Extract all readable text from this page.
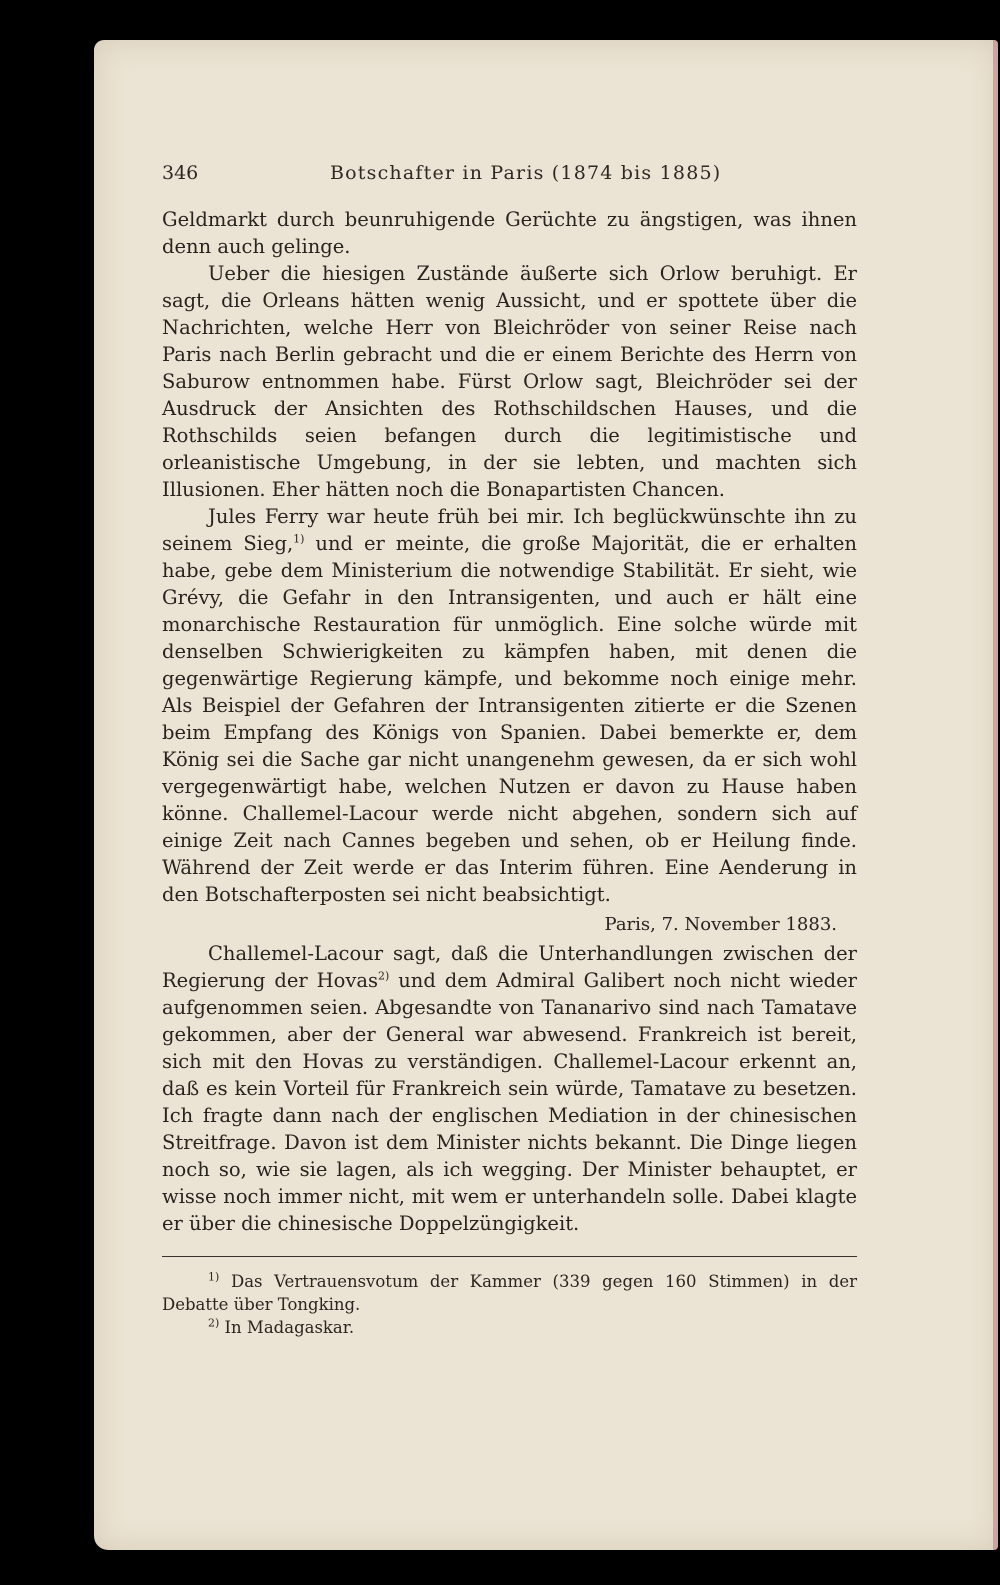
346	Botschafter in Paris (1874 bis 1885)

Geldmarkt durch beunruhigende Gerüchte zu ängstigen, was ihnen denn auch gelinge.

Ueber die hiesigen Zustände äußerte sich Orlow beruhigt. Er sagt, die Orleans hätten wenig Aussicht, und er spottete über die Nachrichten, welche Herr von Bleichröder von seiner Reise nach Paris nach Berlin gebracht und die er einem Berichte des Herrn von Saburow entnommen habe. Fürst Orlow sagt, Bleichröder sei der Ausdruck der Ansichten des Rothschildschen Hauses, und die Rothschilds seien befangen durch die legitimistische und orleanistische Umgebung, in der sie lebten, und machten sich Illusionen. Eher hätten noch die Bonapartisten Chancen.

Jules Ferry war heute früh bei mir. Ich beglückwünschte ihn zu seinem Sieg,$^{1)}$ und er meinte, die große Majorität, die er erhalten habe, gebe dem Ministerium die notwendige Stabilität. Er sieht, wie Grévy, die Gefahr in den Intransigenten, und auch er hält eine monarchische Restauration für unmöglich. Eine solche würde mit denselben Schwierigkeiten zu kämpfen haben, mit denen die gegenwärtige Regierung kämpfe, und bekomme noch einige mehr. Als Beispiel der Gefahren der Intransigenten zitierte er die Szenen beim Empfang des Königs von Spanien. Dabei bemerkte er, dem König sei die Sache gar nicht unangenehm gewesen, da er sich wohl vergegenwärtigt habe, welchen Nutzen er davon zu Hause haben könne. Challemel-Lacour werde nicht abgehen, sondern sich auf einige Zeit nach Cannes begeben und sehen, ob er Heilung finde. Während der Zeit werde er das Interim führen. Eine Aenderung in den Botschafterposten sei nicht beabsichtigt.

Paris, 7. November 1883.

Challemel-Lacour sagt, daß die Unterhandlungen zwischen der Regierung der Hovas$^{2)}$ und dem Admiral Galibert noch nicht wieder aufgenommen seien. Abgesandte von Tananarivo sind nach Tamatave gekommen, aber der General war abwesend. Frankreich ist bereit, sich mit den Hovas zu verständigen. Challemel-Lacour erkennt an, daß es kein Vorteil für Frankreich sein würde, Tamatave zu besetzen. Ich fragte dann nach der englischen Mediation in der chinesischen Streitfrage. Davon ist dem Minister nichts bekannt. Die Dinge liegen noch so, wie sie lagen, als ich wegging. Der Minister behauptet, er wisse noch immer nicht, mit wem er unterhandeln solle. Dabei klagte er über die chinesische Doppelzüngigkeit.

$^{1)}$ Das Vertrauensvotum der Kammer (339 gegen 160 Stimmen) in der Debatte über Tongking.

$^{2)}$ In Madagaskar.
